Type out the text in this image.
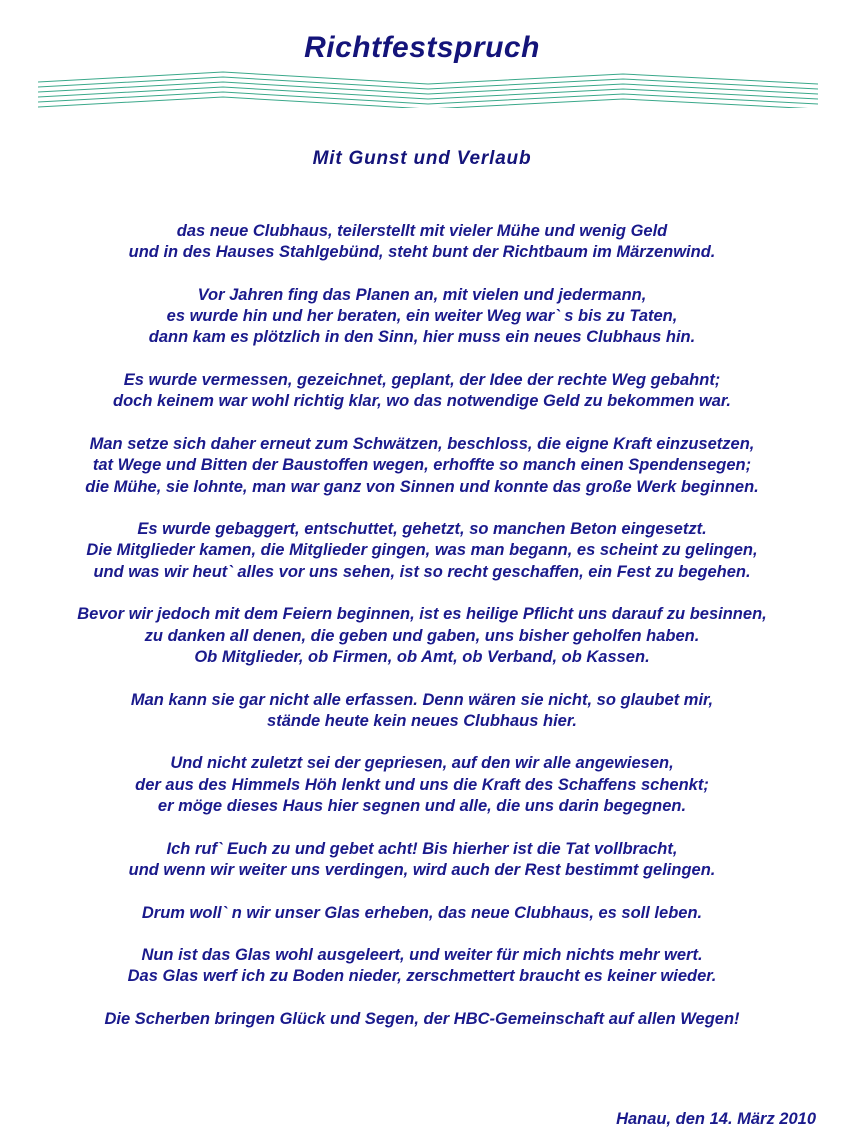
Richtfestspruch
Mit Gunst und Verlaub
das neue Clubhaus, teilerstellt mit vieler Mühe und wenig Geld
und in des Hauses Stahlgebünd, steht bunt der Richtbaum im Märzenwind.
Vor Jahren fing das Planen an, mit vielen und jedermann,
es wurde hin und her beraten, ein weiter Weg war` s bis zu Taten,
dann kam es plötzlich in den Sinn, hier muss ein neues Clubhaus hin.
Es wurde vermessen, gezeichnet, geplant, der Idee der rechte Weg gebahnt;
doch keinem war wohl richtig klar, wo das notwendige Geld zu bekommen war.
Man setze sich daher erneut zum Schwätzen, beschloss, die eigne Kraft einzusetzen,
tat Wege und Bitten der Baustoffen wegen, erhoffte so manch einen Spendensegen;
die Mühe, sie lohnte, man war ganz von Sinnen und konnte das große Werk beginnen.
Es wurde gebaggert, entschuttet, gehetzt, so manchen Beton eingesetzt.
Die Mitglieder kamen, die Mitglieder gingen, was man begann, es scheint zu gelingen,
und was wir heut` alles vor uns sehen, ist so recht geschaffen, ein Fest zu begehen.
Bevor wir jedoch mit dem Feiern beginnen, ist es heilige Pflicht uns darauf zu besinnen,
zu danken all denen, die geben und gaben, uns bisher geholfen haben.
Ob Mitglieder, ob Firmen, ob Amt, ob Verband, ob Kassen.
Man kann sie gar nicht alle erfassen. Denn wären sie nicht, so glaubet mir,
stände heute kein neues Clubhaus hier.
Und nicht zuletzt sei der gepriesen, auf den wir alle angewiesen,
der aus des Himmels Höh lenkt und uns die Kraft des Schaffens schenkt;
er möge dieses Haus hier segnen und alle, die uns darin begegnen.
Ich ruf` Euch zu und gebet acht! Bis hierher ist die Tat vollbracht,
und wenn wir weiter uns verdingen, wird auch der Rest bestimmt gelingen.
Drum woll` n wir unser Glas erheben, das neue Clubhaus, es soll leben.
Nun ist das Glas wohl ausgeleert, und weiter für mich nichts mehr wert.
Das Glas werf ich zu Boden nieder, zerschmettert braucht es keiner wieder.
Die Scherben bringen Glück und Segen, der HBC-Gemeinschaft auf allen Wegen!
Hanau, den 14. März 2010
